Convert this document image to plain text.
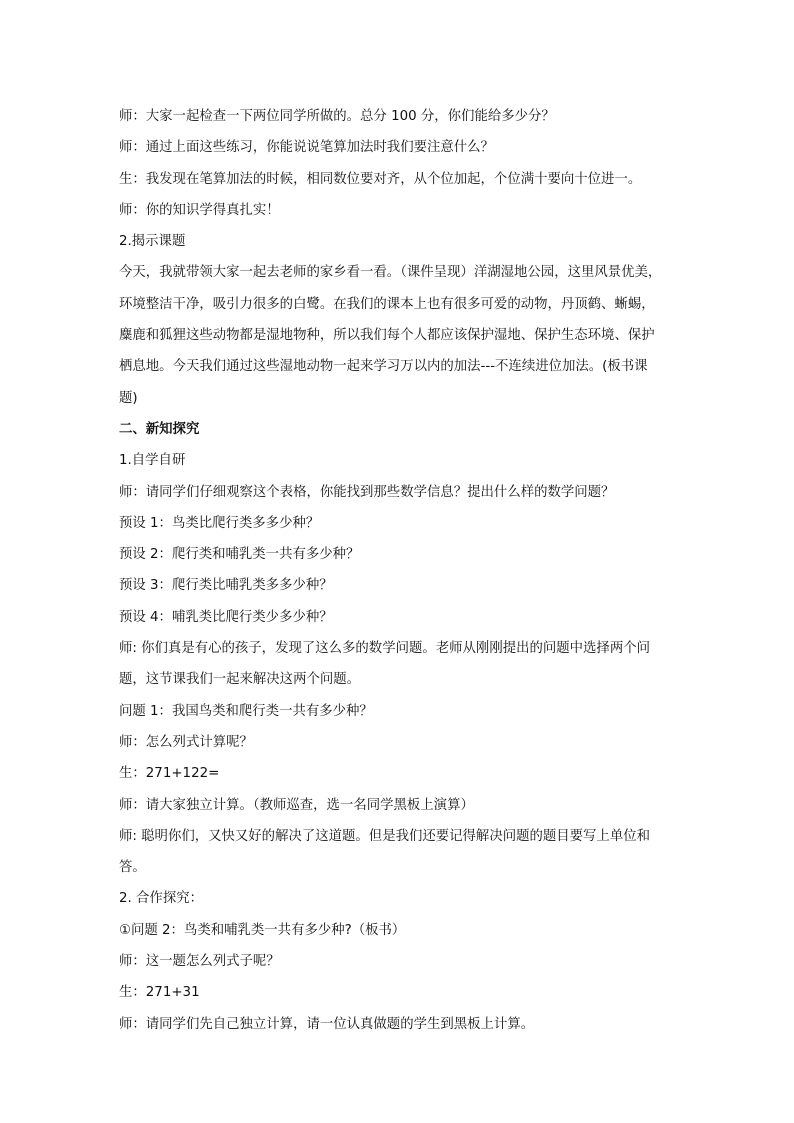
师：大家一起检查一下两位同学所做的。总分 100 分，你们能给多少分？
师：通过上面这些练习，你能说说笔算加法时我们要注意什么？
生：我发现在笔算加法的时候，相同数位要对齐，从个位加起，个位满十要向十位进一。
师：你的知识学得真扎实！
2.揭示课题
今天，我就带领大家一起去老师的家乡看一看。（课件呈现）洋湖湿地公园，这里风景优美，
环境整洁干净，吸引力很多的白鹭。在我们的课本上也有很多可爱的动物，丹顶鹤、蜥蜴，
麋鹿和狐狸这些动物都是湿地物种，所以我们每个人都应该保护湿地、保护生态环境、保护
栖息地。今天我们通过这些湿地动物一起来学习万以内的加法---不连续进位加法。(板书课
题)
二、新知探究
1.自学自研
师：请同学们仔细观察这个表格，你能找到那些数学信息？提出什么样的数学问题？
预设 1：鸟类比爬行类多多少种？
预设 2：爬行类和哺乳类一共有多少种？
预设 3：爬行类比哺乳类多多少种？
预设 4：哺乳类比爬行类少多少种？
师: 你们真是有心的孩子，发现了这么多的数学问题。老师从刚刚提出的问题中选择两个问
题，这节课我们一起来解决这两个问题。
问题 1：我国鸟类和爬行类一共有多少种？
师：怎么列式计算呢？
生：271+122=
师：请大家独立计算。（教师巡查，选一名同学黑板上演算）
师: 聪明你们，又快又好的解决了这道题。但是我们还要记得解决问题的题目要写上单位和
答。
2. 合作探究：
①问题 2：鸟类和哺乳类一共有多少种?（板书）
师：这一题怎么列式子呢？
生：271+31
师：请同学们先自己独立计算，请一位认真做题的学生到黑板上计算。
